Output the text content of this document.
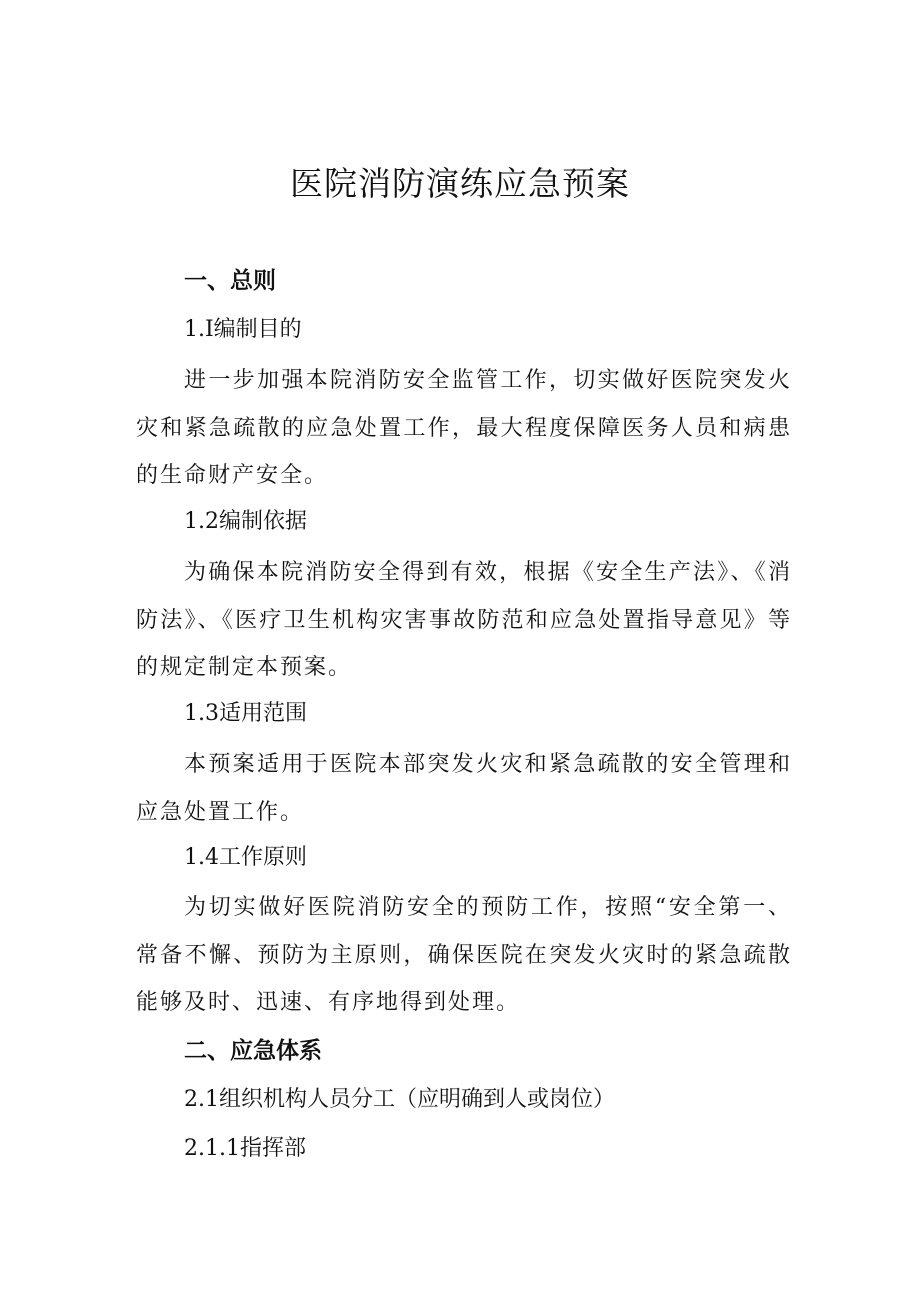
医院消防演练应急预案
一、总则

1.Ⅰ编制目的

进一步加强本院消防安全监管工作，切实做好医院突发火灾和紧急疏散的应急处置工作，最大程度保障医务人员和病患的生命财产安全。

1.2编制依据

为确保本院消防安全得到有效，根据《安全生产法》、《消防法》、《医疗卫生机构灾害事故防范和应急处置指导意见》等的规定制定本预案。

1.3适用范围

本预案适用于医院本部突发火灾和紧急疏散的安全管理和应急处置工作。

1.4工作原则

为切实做好医院消防安全的预防工作，按照“安全第一、常备不懈、预防为主原则，确保医院在突发火灾时的紧急疏散能够及时、迅速、有序地得到处理。

二、应急体系

2.1组织机构人员分工（应明确到人或岗位）

2.1.1指挥部
